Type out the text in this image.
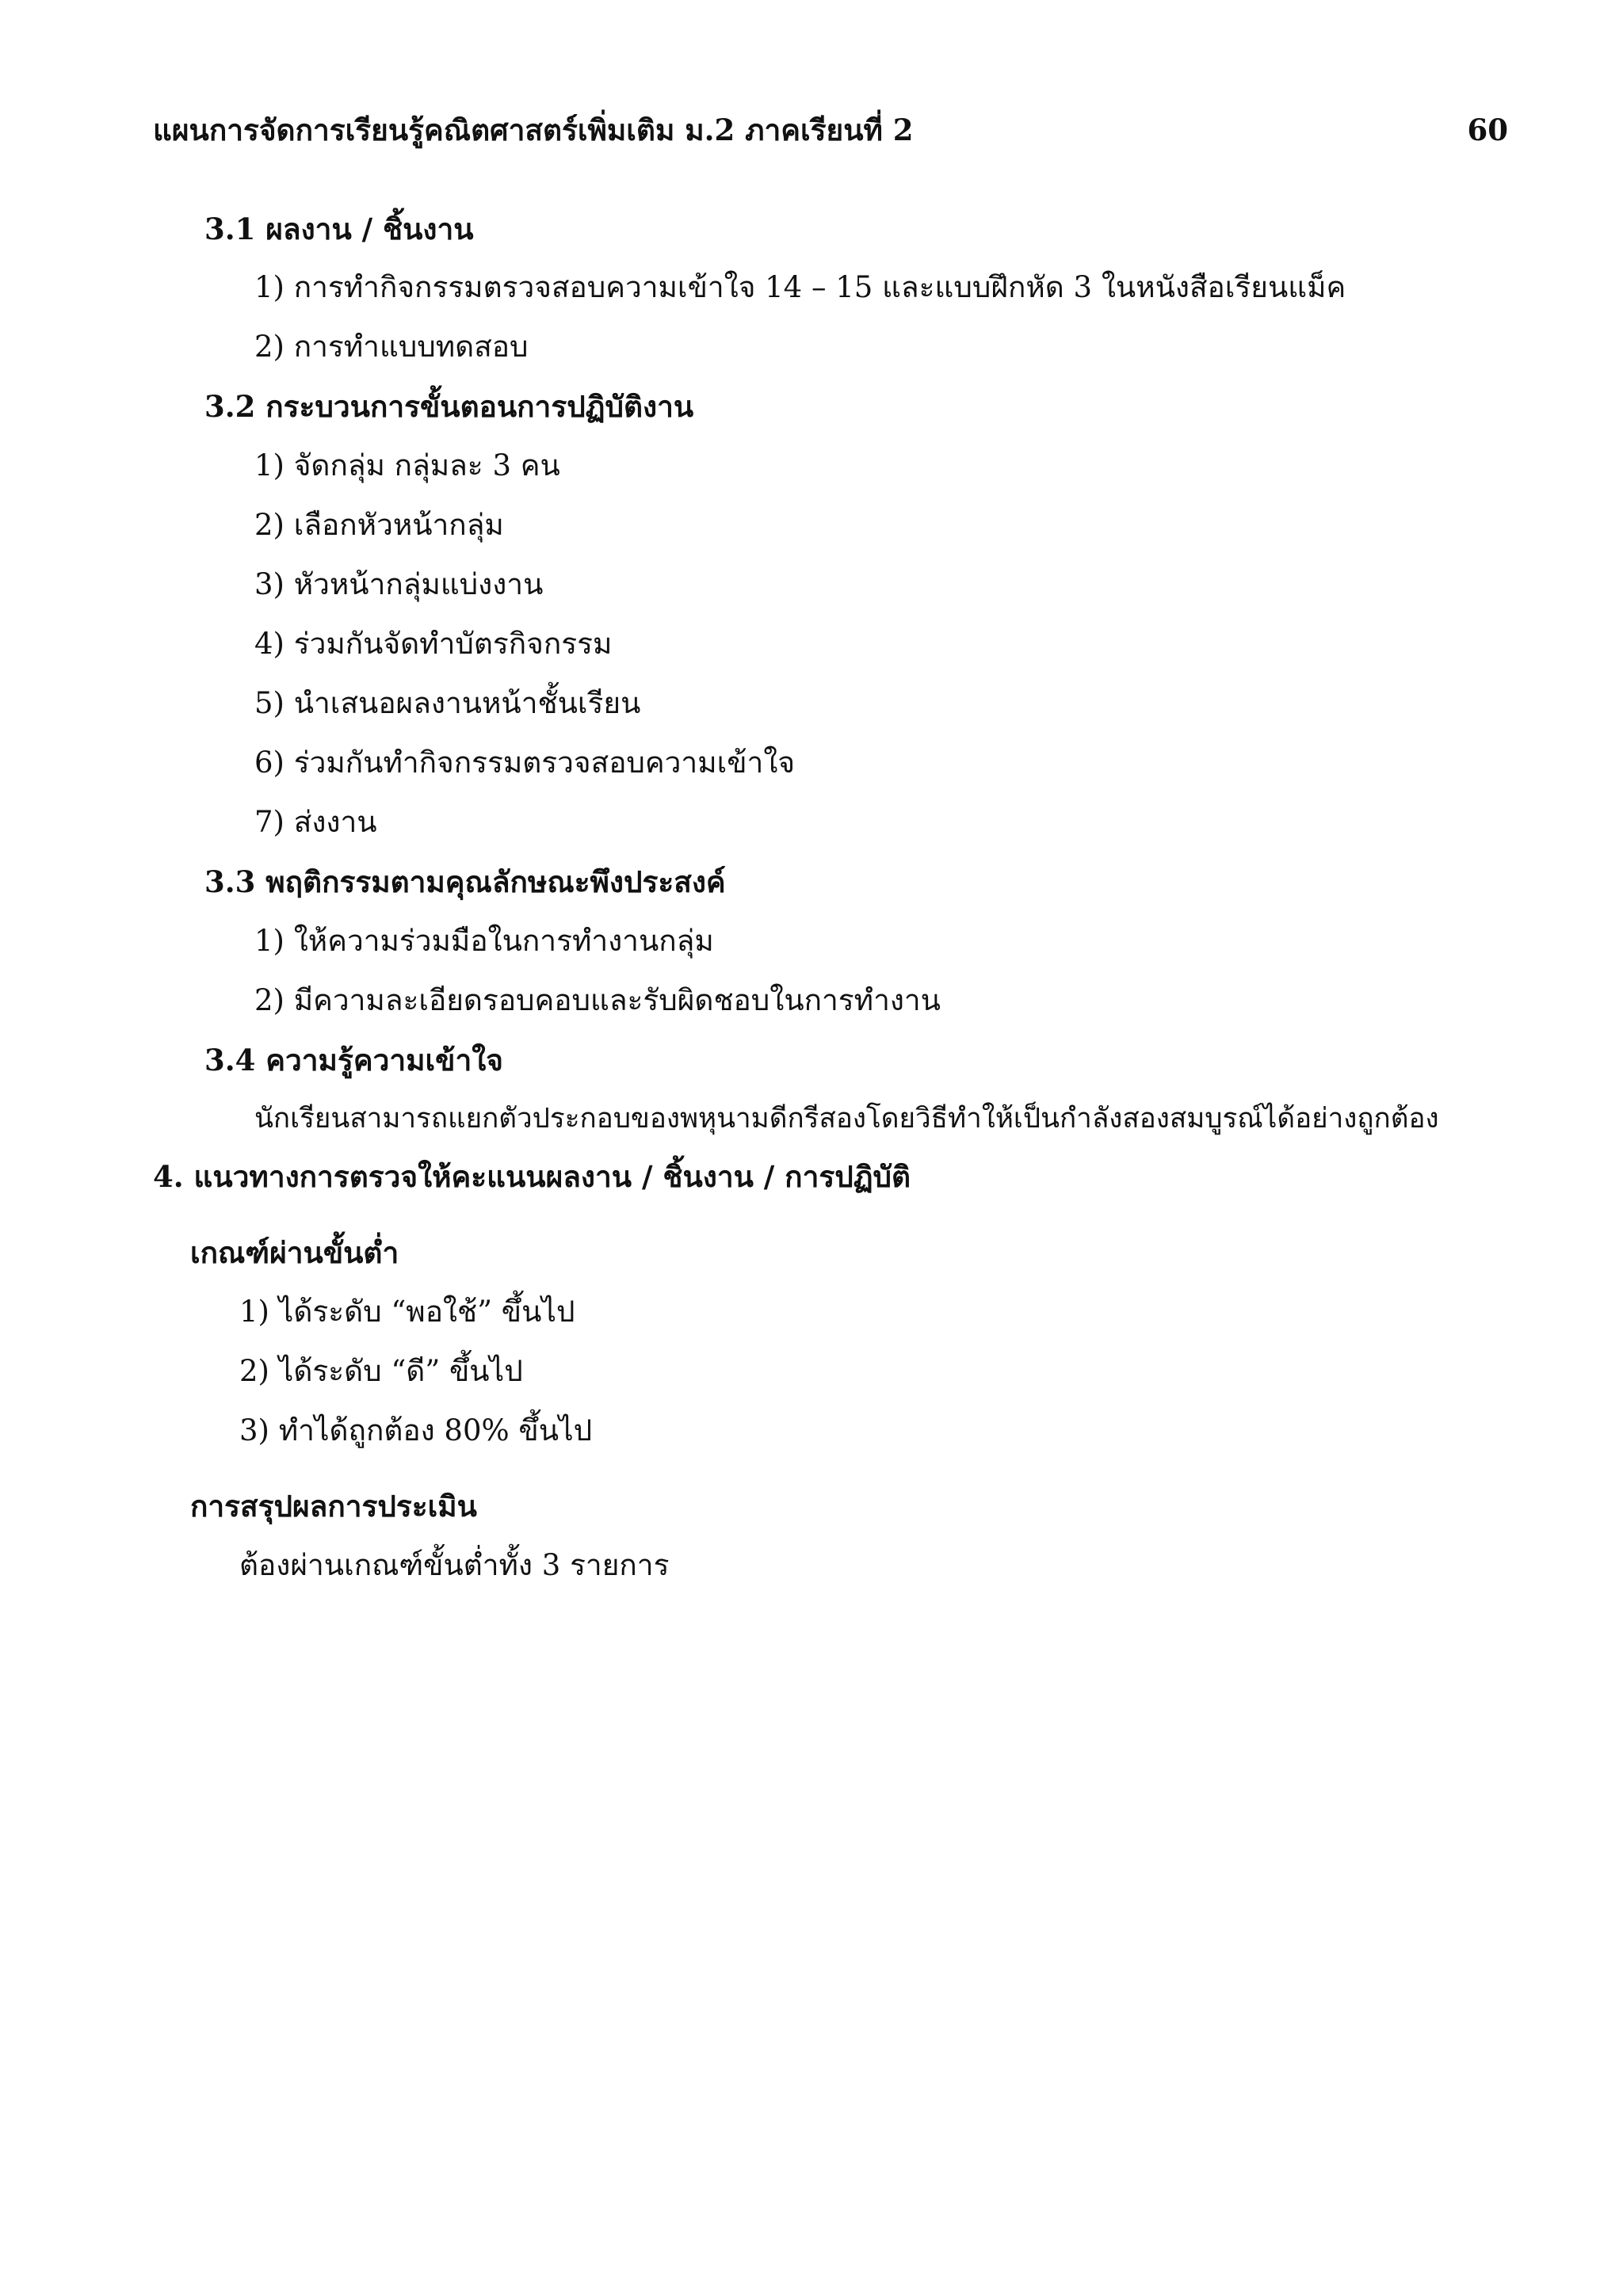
แผนการจัดการเรียนรู้คณิตศาสตร์เพิ่มเติม ม.2 ภาคเรียนที่ 2	60
3.1 ผลงาน / ชิ้นงาน
1) การทำกิจกรรมตรวจสอบความเข้าใจ 14 – 15 และแบบฝึกหัด 3 ในหนังสือเรียนแม็ค
2) การทำแบบทดสอบ
3.2 กระบวนการขั้นตอนการปฏิบัติงาน
1) จัดกลุ่ม กลุ่มละ 3 คน
2) เลือกหัวหน้ากลุ่ม
3) หัวหน้ากลุ่มแบ่งงาน
4) ร่วมกันจัดทำบัตรกิจกรรม
5) นำเสนอผลงานหน้าชั้นเรียน
6) ร่วมกันทำกิจกรรมตรวจสอบความเข้าใจ
7) ส่งงาน
3.3 พฤติกรรมตามคุณลักษณะพึงประสงค์
1) ให้ความร่วมมือในการทำงานกลุ่ม
2) มีความละเอียดรอบคอบและรับผิดชอบในการทำงาน
3.4 ความรู้ความเข้าใจ
นักเรียนสามารถแยกตัวประกอบของพหุนามดีกรีสองโดยวิธีทำให้เป็นกำลังสองสมบูรณ์ได้อย่างถูกต้อง
4. แนวทางการตรวจให้คะแนนผลงาน / ชิ้นงาน / การปฏิบัติ
เกณฑ์ผ่านขั้นต่ำ
1) ได้ระดับ “พอใช้” ขึ้นไป
2) ได้ระดับ “ดี” ขึ้นไป
3) ทำได้ถูกต้อง 80% ขึ้นไป
การสรุปผลการประเมิน
ต้องผ่านเกณฑ์ขั้นต่ำทั้ง 3 รายการ
